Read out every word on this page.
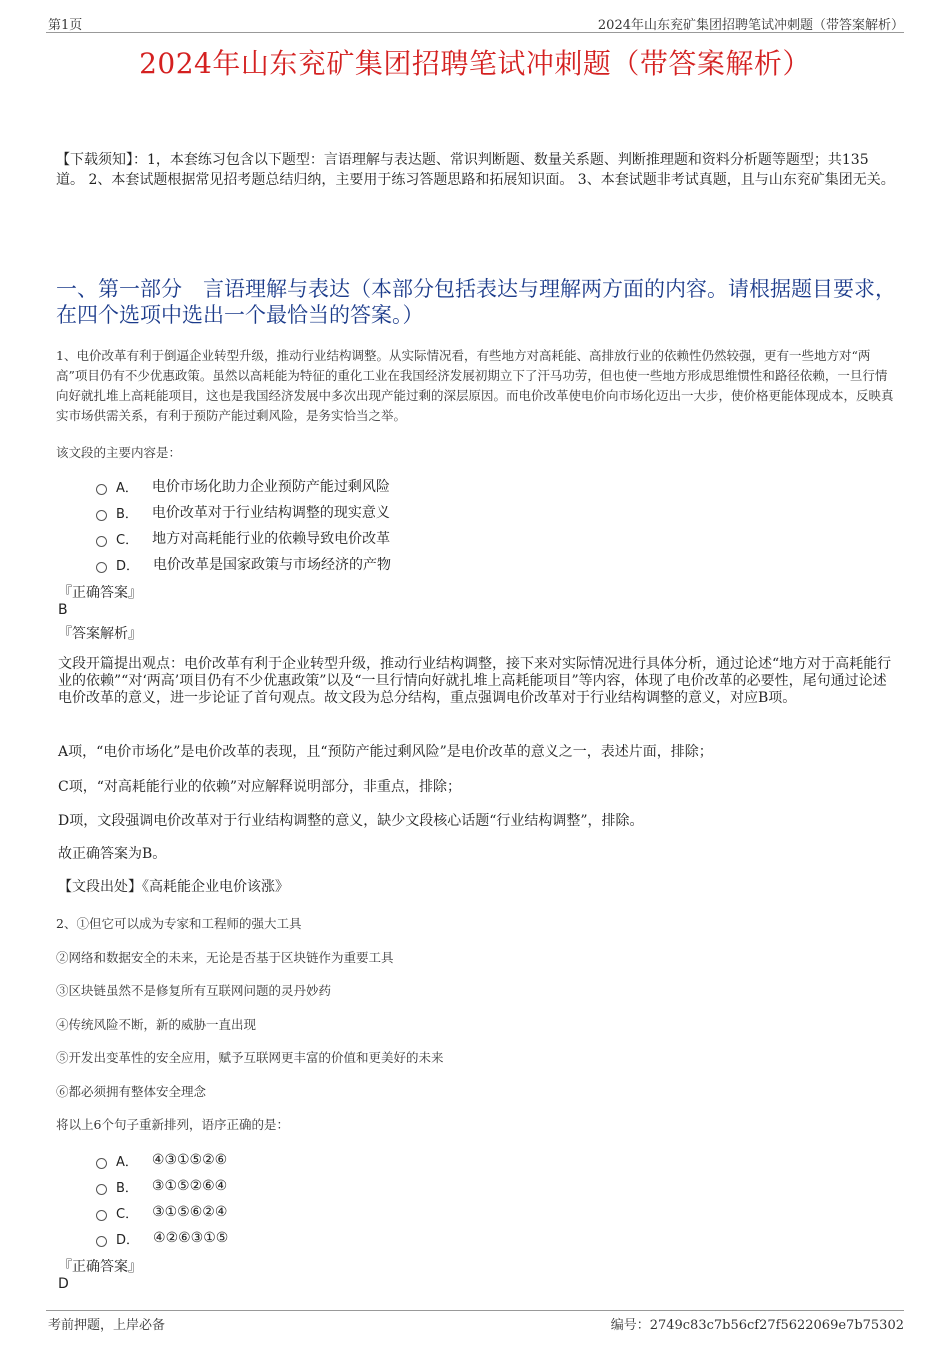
第1页	2024年山东兖矿集团招聘笔试冲刺题（带答案解析）
2024年山东兖矿集团招聘笔试冲刺题（带答案解析）
【下载须知】：1，本套练习包含以下题型：言语理解与表达题、常识判断题、数量关系题、判断推理题和资料分析题等题型；共135道。 2、本套试题根据常见招考题总结归纳，主要用于练习答题思路和拓展知识面。 3、本套试题非考试真题，且与山东兖矿集团无关。
一、第一部分　言语理解与表达（本部分包括表达与理解两方面的内容。请根据题目要求，在四个选项中选出一个最恰当的答案。）
1、电价改革有利于倒逼企业转型升级，推动行业结构调整。从实际情况看，有些地方对高耗能、高排放行业的依赖性仍然较强，更有一些地方对“两高”项目仍有不少优惠政策。虽然以高耗能为特征的重化工业在我国经济发展初期立下了汗马功劳，但也使一些地方形成思维惯性和路径依赖，一旦行情向好就扎堆上高耗能项目，这也是我国经济发展中多次出现产能过剩的深层原因。而电价改革使电价向市场化迈出一大步，使价格更能体现成本，反映真实市场供需关系，有利于预防产能过剩风险，是务实恰当之举。
该文段的主要内容是：
A． 电价市场化助力企业预防产能过剩风险
B． 电价改革对于行业结构调整的现实意义
C． 地方对高耗能行业的依赖导致电价改革
D． 电价改革是国家政策与市场经济的产物
『正确答案』
B
『答案解析』
文段开篇提出观点：电价改革有利于企业转型升级，推动行业结构调整，接下来对实际情况进行具体分析，通过论述“地方对于高耗能行业的依赖”“对‘两高’项目仍有不少优惠政策”以及“一旦行情向好就扎堆上高耗能项目”等内容，体现了电价改革的必要性，尾句通过论述电价改革的意义，进一步论证了首句观点。故文段为总分结构，重点强调电价改革对于行业结构调整的意义，对应B项。
A项，“电价市场化”是电价改革的表现，且“预防产能过剩风险”是电价改革的意义之一，表述片面，排除；
C项，“对高耗能行业的依赖”对应解释说明部分，非重点，排除；
D项，文段强调电价改革对于行业结构调整的意义，缺少文段核心话题“行业结构调整”，排除。
故正确答案为B。
【文段出处】《高耗能企业电价该涨》
2、①但它可以成为专家和工程师的强大工具
②网络和数据安全的未来，无论是否基于区块链作为重要工具
③区块链虽然不是修复所有互联网问题的灵丹妙药
④传统风险不断，新的威胁一直出现
⑤开发出变革性的安全应用，赋予互联网更丰富的价值和更美好的未来
⑥都必须拥有整体安全理念
将以上6个句子重新排列，语序正确的是：
A． ④③①⑤②⑥
B． ③①⑤②⑥④
C． ③①⑤⑥②④
D． ④②⑥③①⑤
『正确答案』
D
考前押题，上岸必备	编号：2749c83c7b56cf27f5622069e7b75302
